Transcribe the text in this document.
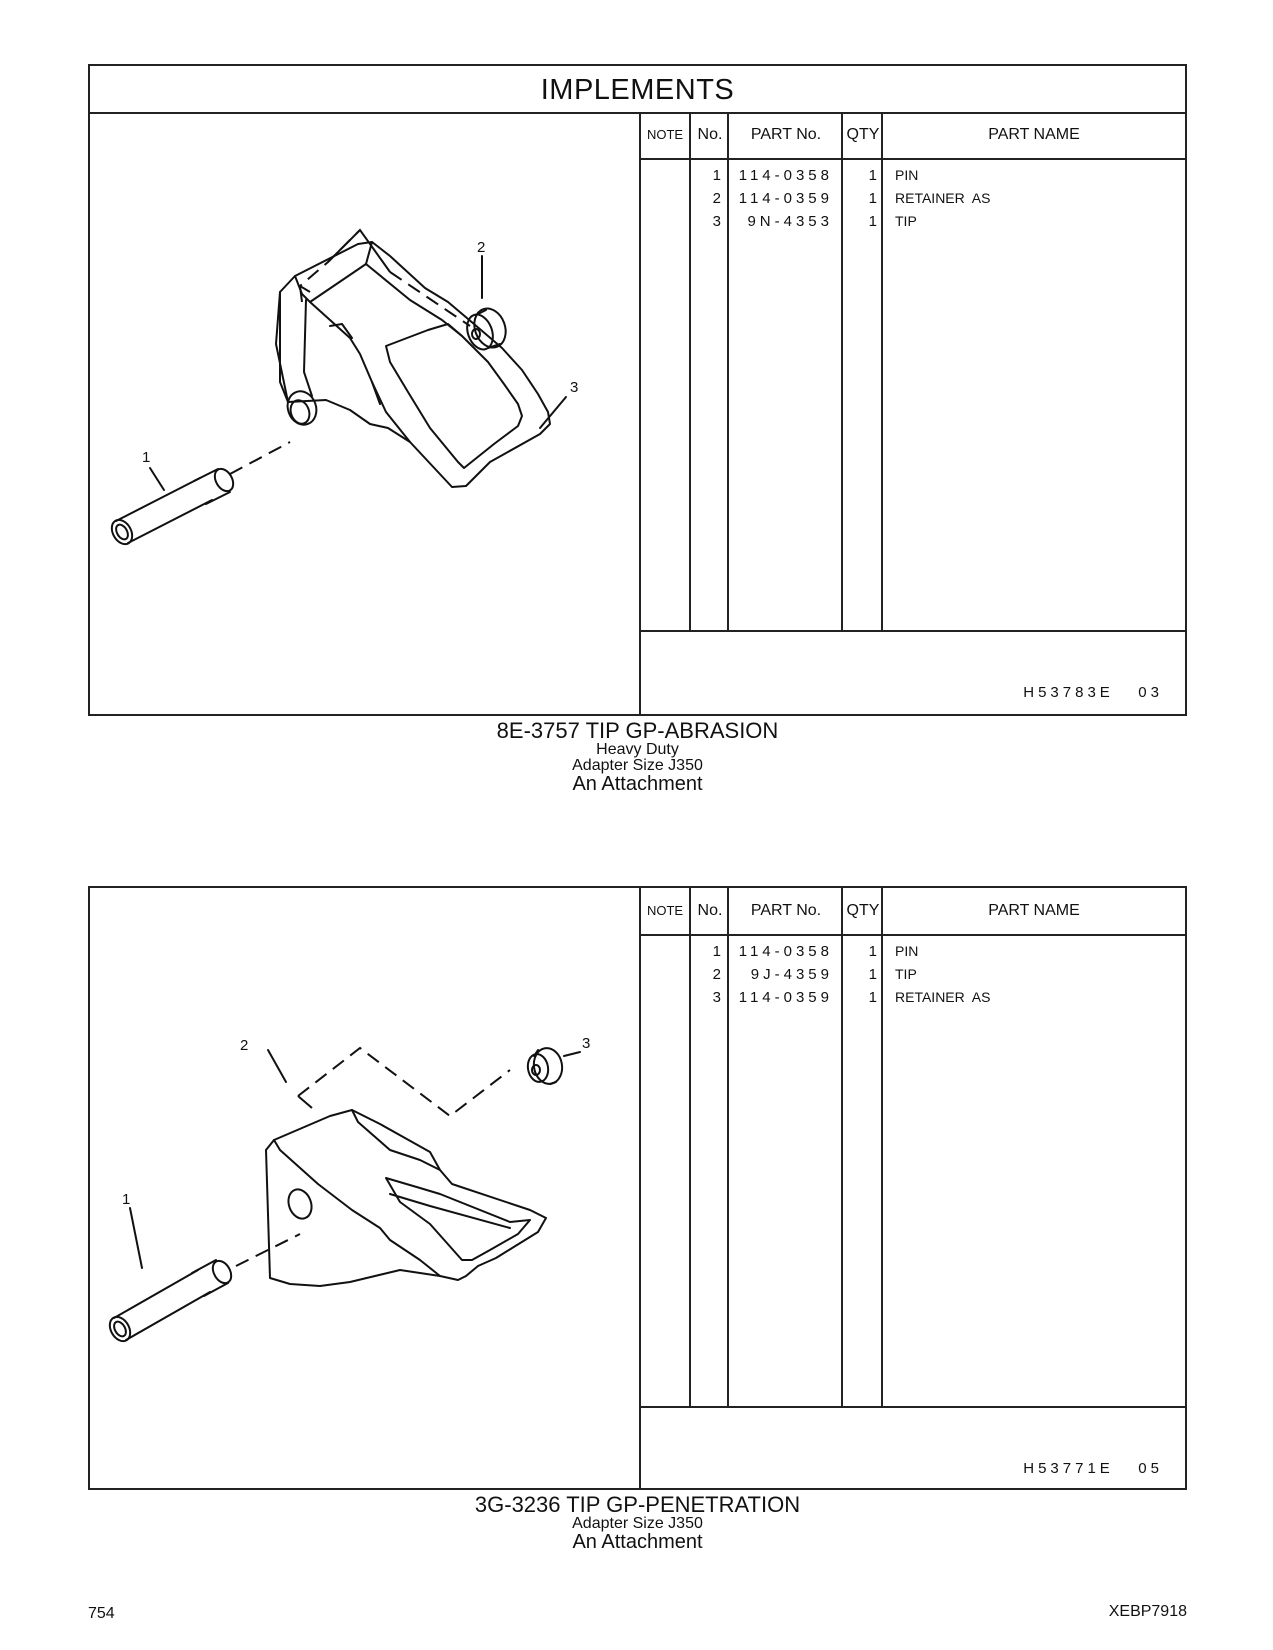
IMPLEMENTS
2
3
1
NOTE No.	PART No.	QTY	PART NAME
1	114-0358	1 PIN
2	114-0359	1 RETAINER  AS
3	9N-4353	1 TIP
H53783E   03
8E-3757 TIP GP-ABRASION
Heavy Duty
Adapter Size J350
An Attachment
2	3
1
NOTE No.	PART No.	QTY	PART NAME
1	114-0358	1 PIN
2	9J-4359	1 TIP
3	114-0359	1 RETAINER  AS
H53771E   05
3G-3236 TIP GP-PENETRATION
Adapter Size J350
An Attachment
754	XEBP7918
